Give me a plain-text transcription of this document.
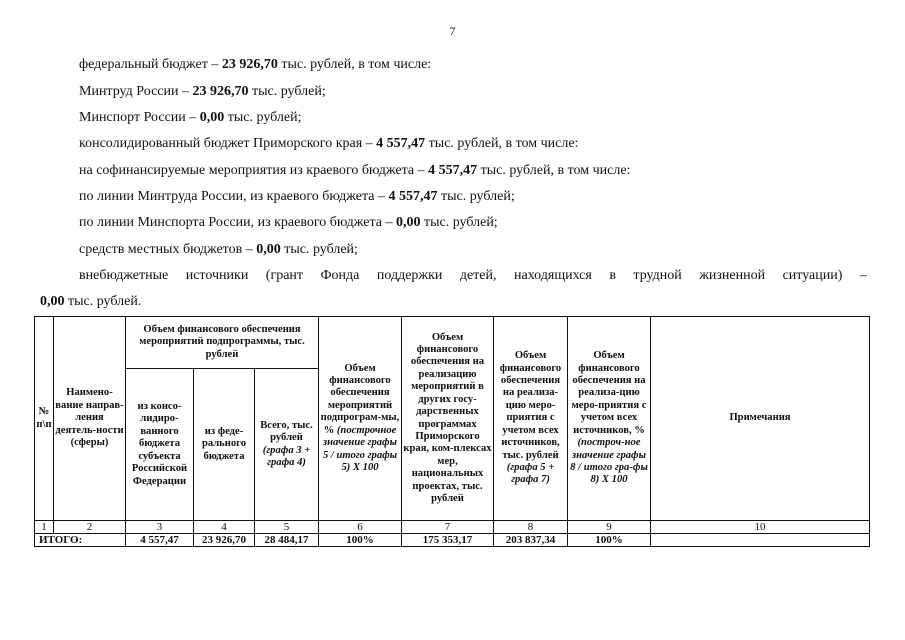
7
федеральный бюджет – 23 926,70 тыс. рублей, в том числе:
Минтруд России – 23 926,70 тыс. рублей;
Минспорт России – 0,00 тыс. рублей;
консолидированный бюджет Приморского края – 4 557,47 тыс. рублей, в том числе:
на софинансируемые мероприятия из краевого бюджета – 4 557,47 тыс. рублей, в том числе:
по линии Минтруда России, из краевого бюджета – 4 557,47 тыс. рублей;
по линии Минспорта России, из краевого бюджета – 0,00 тыс. рублей;
средств местных бюджетов – 0,00 тыс. рублей;
внебюджетные источники (грант Фонда поддержки детей, находящихся в трудной жизненной ситуации) –
0,00 тыс. рублей.
№ п\п	Наимено-вание направ-ления деятель-ности (сферы)	Объем финансового обеспечения мероприятий подпрограммы, тыс. рублей			Объем финансового обеспечения мероприятий подпрограм-мы, % (построчное значение графы 5 / итого графы 5) Х 100	Объем финансового обеспечения на реализацию мероприятий в других госу-дарственных программах Приморского края, ком-плексах мер, национальных проектах, тыс. рублей	Объем финансового обеспечения на реализа-цию меро-приятия с учетом всех источников, тыс. рублей (графа 5 + графа 7)	Объем финансового обеспечения на реализа-цию меро-приятия с учетом всех источников, % (построч-ное значение графы 8 / итого гра-фы 8) Х 100	Примечания
		из консо-лидиро-ванного бюджета субъекта Российской Федерации	из феде-рального бюджета	Всего, тыс. рублей (графа 3 + графа 4)					
1	2	3	4	5	6	7	8	9	10
ИТОГО:		4 557,47	23 926,70	28 484,17	100%	175 353,17	203 837,34	100%	
